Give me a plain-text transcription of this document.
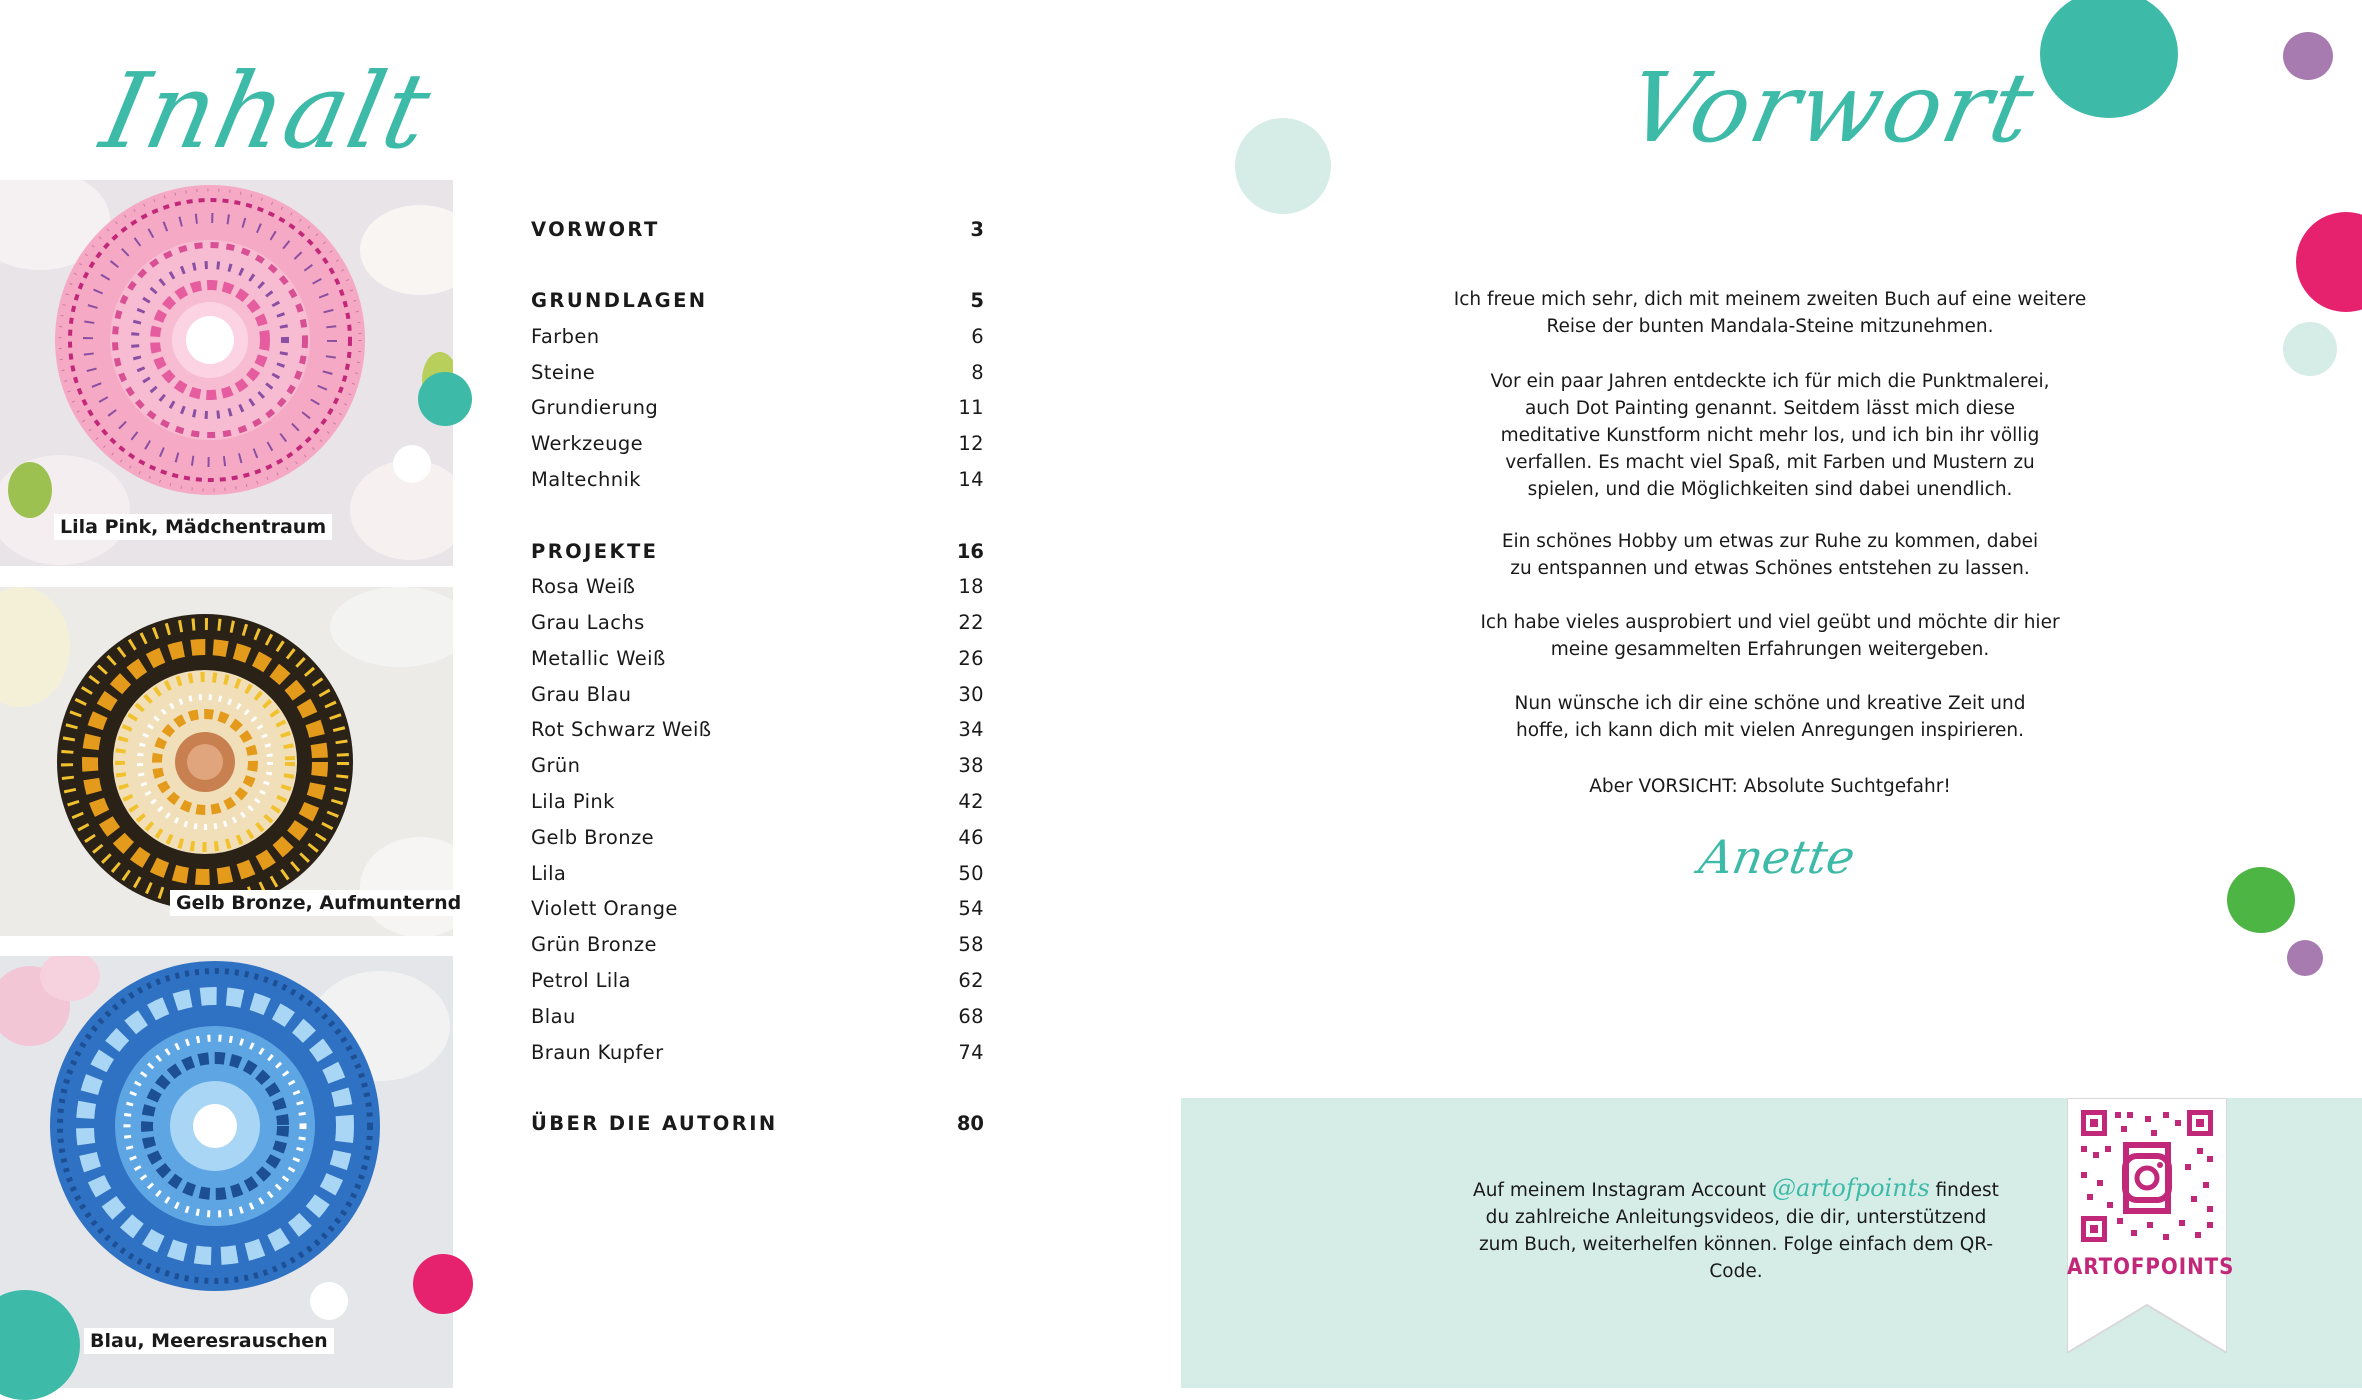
Inhalt
Lila Pink, Mädchentraum
Gelb Bronze, Aufmunternd
Blau, Meeresrauschen
VORWORT	3
GRUNDLAGEN	5
Farben	6
Steine	8
Grundierung	11
Werkzeuge	12
Maltechnik	14
PROJEKTE	16
Rosa Weiß	18
Grau Lachs	22
Metallic Weiß	26
Grau Blau	30
Rot Schwarz Weiß	34
Grün	38
Lila Pink	42
Gelb Bronze	46
Lila	50
Violett Orange	54
Grün Bronze	58
Petrol Lila	62
Blau	68
Braun Kupfer	74
ÜBER DIE AUTORIN	80
Vorwort
Ich freue mich sehr, dich mit meinem zweiten Buch auf eine weitere Reise der bunten Mandala-Steine mitzunehmen.
Vor ein paar Jahren entdeckte ich für mich die Punktmalerei, auch Dot Painting genannt. Seitdem lässt mich diese meditative Kunstform nicht mehr los, und ich bin ihr völlig verfallen. Es macht viel Spaß, mit Farben und Mustern zu spielen, und die Möglichkeiten sind dabei unendlich.
Ein schönes Hobby um etwas zur Ruhe zu kommen, dabei zu entspannen und etwas Schönes entstehen zu lassen.
Ich habe vieles ausprobiert und viel geübt und möchte dir hier meine gesammelten Erfahrungen weitergeben.
Nun wünsche ich dir eine schöne und kreative Zeit und hoffe, ich kann dich mit vielen Anregungen inspirieren.
Aber VORSICHT: Absolute Suchtgefahr!
Anette
Auf meinem Instagram Account @artofpoints findest du zahlreiche Anleitungsvideos, die dir, unterstützend zum Buch, weiterhelfen können. Folge einfach dem QR-Code.	ARTOFPOINTS
